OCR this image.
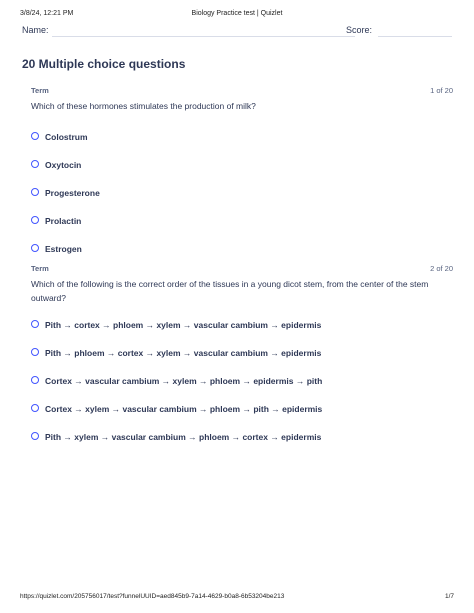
3/8/24, 12:21 PM	Biology Practice test | Quizlet
Name:	Score:
20 Multiple choice questions
Term	1 of 20

Which of these hormones stimulates the production of milk?

Colostrum
Oxytocin
Progesterone
Prolactin
Estrogen
Term	2 of 20

Which of the following is the correct order of the tissues in a young dicot stem, from the center of the stem outward?

Pith → cortex → phloem → xylem → vascular cambium → epidermis
Pith → phloem → cortex → xylem → vascular cambium → epidermis
Cortex → vascular cambium → xylem → phloem → epidermis → pith
Cortex → xylem → vascular cambium → phloem → pith → epidermis
Pith → xylem → vascular cambium → phloem → cortex → epidermis
https://quizlet.com/205756017/test?funnelUUID=aed845b9-7a14-4629-b0a8-6b53204be213	1/7
